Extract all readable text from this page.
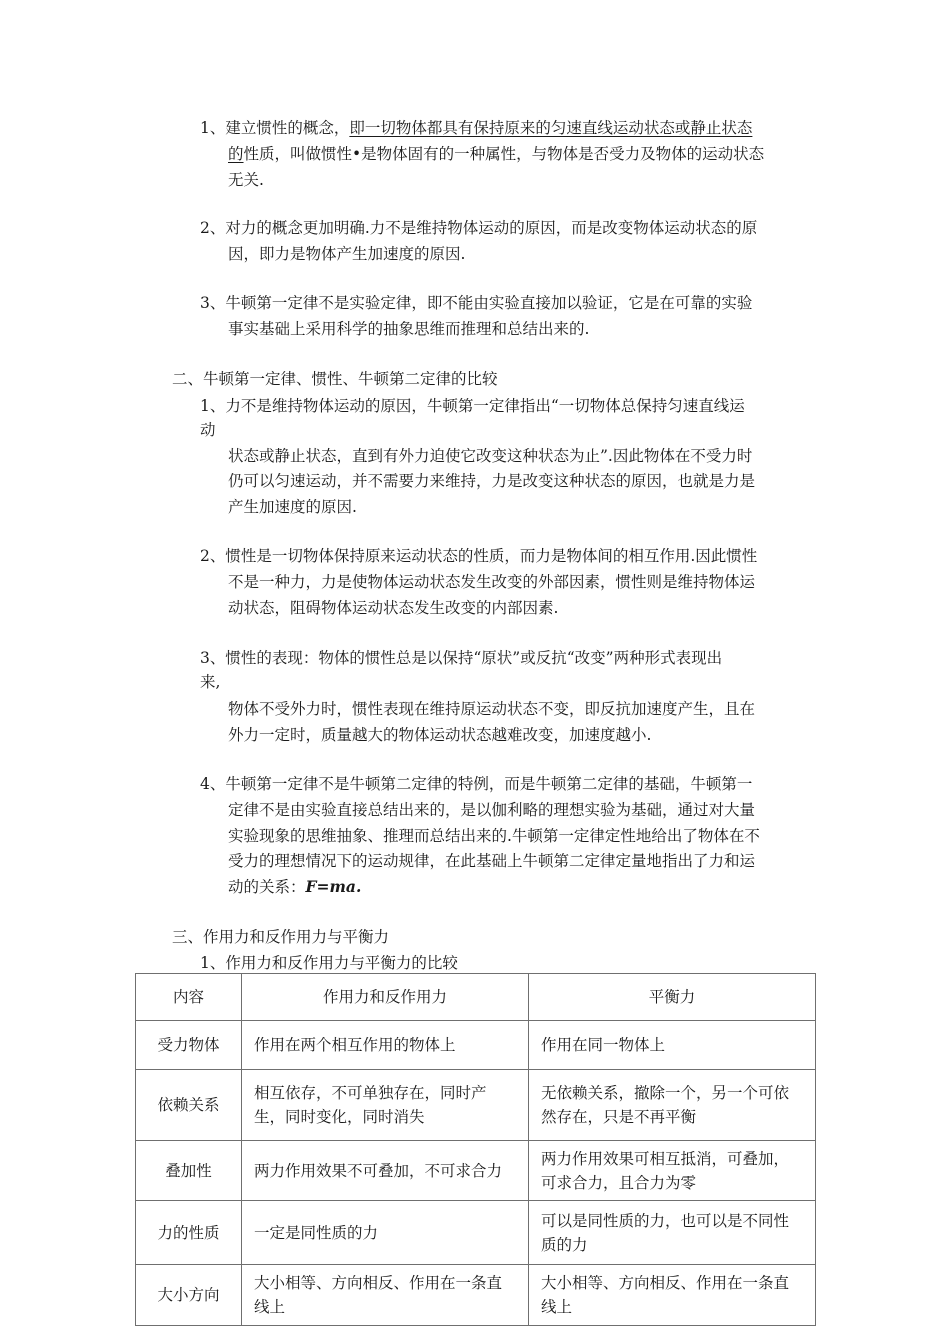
1、建立惯性的概念，即一切物体都具有保持原来的匀速直线运动状态或静止状态
的性质，叫做惯性•是物体固有的一种属性，与物体是否受力及物体的运动状态
无关.
2、对力的概念更加明确.力不是维持物体运动的原因，而是改变物体运动状态的原
因，即力是物体产生加速度的原因.
3、牛顿第一定律不是实验定律，即不能由实验直接加以验证，它是在可靠的实验
事实基础上采用科学的抽象思维而推理和总结出来的.
二、牛顿第一定律、惯性、牛顿第二定律的比较
1、力不是维持物体运动的原因，牛顿第一定律指出“一切物体总保持匀速直线运
动
状态或静止状态，直到有外力迫使它改变这种状态为止”.因此物体在不受力时
仍可以匀速运动，并不需要力来维持，力是改变这种状态的原因，也就是力是
产生加速度的原因.
2、惯性是一切物体保持原来运动状态的性质，而力是物体间的相互作用.因此惯性
不是一种力，力是使物体运动状态发生改变的外部因素，惯性则是维持物体运
动状态，阻碍物体运动状态发生改变的内部因素.
3、惯性的表现：物体的惯性总是以保持“原状”或反抗“改变”两种形式表现出
来,
物体不受外力时，惯性表现在维持原运动状态不变，即反抗加速度产生，且在
外力一定时，质量越大的物体运动状态越难改变，加速度越小.
4、牛顿第一定律不是牛顿第二定律的特例，而是牛顿第二定律的基础，牛顿第一
定律不是由实验直接总结出来的，是以伽利略的理想实验为基础，通过对大量
实验现象的思维抽象、推理而总结出来的.牛顿第一定律定性地给出了物体在不
受力的理想情况下的运动规律，在此基础上牛顿第二定律定量地指出了力和运
动的关系：F=ma.
三、作用力和反作用力与平衡力
1、作用力和反作用力与平衡力的比较
内容	作用力和反作用力	平衡力
受力物体	作用在两个相互作用的物体上	作用在同一物体上
依赖关系	相互依存，不可单独存在，同时产生，同时变化，同时消失	无依赖关系，撤除一个，另一个可依然存在，只是不再平衡
叠加性	两力作用效果不可叠加，不可求合力	两力作用效果可相互抵消，可叠加，可求合力，且合力为零
力的性质	一定是同性质的力	可以是同性质的力，也可以是不同性质的力
大小方向	大小相等、方向相反、作用在一条直线上	大小相等、方向相反、作用在一条直线上
